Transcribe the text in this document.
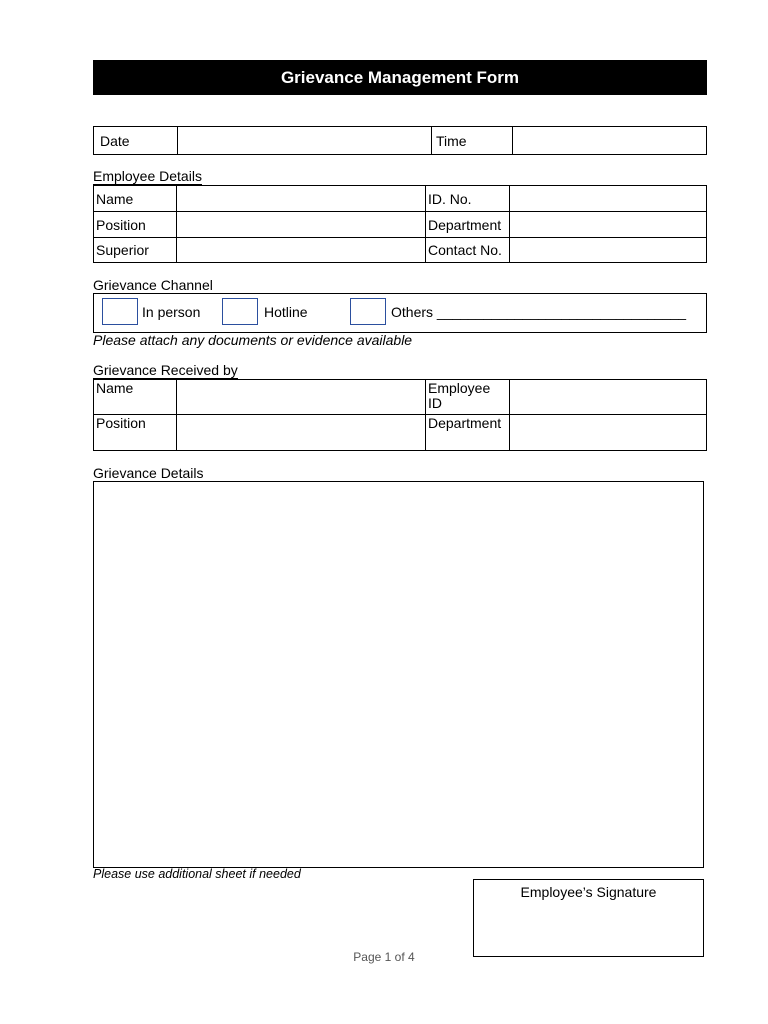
Grievance Management Form
Date		Time	
Employee Details
Name		ID. No.	
Position		Department	
Superior		Contact No.	
Grievance Channel
In person	Hotline	Others ________________________________
Please attach any documents or evidence available
Grievance Received by
Name		Employee
ID	

Position		Department	
Grievance Details
Please use additional sheet if needed
Employee’s Signature
Page 1 of 4
